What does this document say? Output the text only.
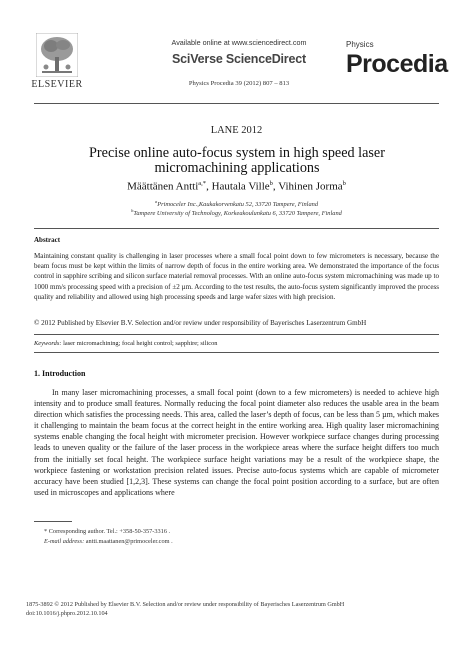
ELSEVIER
Available online at www.sciencedirect.com
SciVerse ScienceDirect
Physics Procedia 39 (2012) 807 – 813
Physics
Procedia
LANE 2012
Precise online auto-focus system in high speed laser
micromachining applications
Määttänen Antti$^{a,*}$, Hautala Ville$^b$, Vihinen Jorma$^b$
$^a$Primoceler Inc.,Kaukakorvenkatu 52, 33720 Tampere, Finland
$^b$Tampere University of Technology, Korkeakoulunkatu 6, 33720 Tampere, Finland
Abstract
Maintaining constant quality is challenging in laser processes where a small focal point down to few micrometers is necessary, because the beam focus must be kept within the limits of narrow depth of focus in the entire working area. We demonstrated the importance of the focus control in sapphire scribing and silicon surface material removal processes. With an online auto-focus system micromachining was made up to 1000 mm/s processing speed with a precision of ±2 µm. According to the test results, the auto-focus system significantly improved the process quality and reliability and allowed using high processing speeds and large wafer sizes with high precision.
© 2012 Published by Elsevier B.V. Selection and/or review under responsibility of Bayerisches Laserzentrum GmbH
Keywords: laser micromachining; focal height control; sapphire; silicon
1. Introduction
In many laser micromachining processes, a small focal point (down to a few micrometers) is needed to achieve high intensity and to produce small features. Normally reducing the focal point diameter also reduces the usable area in the beam direction which satisfies the processing needs. This area, called the laser’s depth of focus, can be less than 5 µm, which makes it challenging to maintain the beam focus at the correct height in the entire working area. High quality laser micromachining systems enable changing the focal height with micrometer precision. However workpiece surface changes during processing leads to uneven quality or the failure of the laser process in the workpiece areas where the surface height differs too much from the initially set focal height. The workpiece surface height variations may be a result of the workpiece shape, the workpiece fastening or workstation precision related issues. Precise auto-focus systems which are capable of micrometer accuracy have been studied [1,2,3]. These systems can change the focal point position according to a surface, but are often used in microscopes and applications where
* Corresponding author. Tel.: +358-50-357-3316 .
E-mail address: antti.maattanen@primoceler.com .
1875-3892 © 2012 Published by Elsevier B.V. Selection and/or review under responsibility of Bayerisches Laserzentrum GmbH
doi:10.1016/j.phpro.2012.10.104
